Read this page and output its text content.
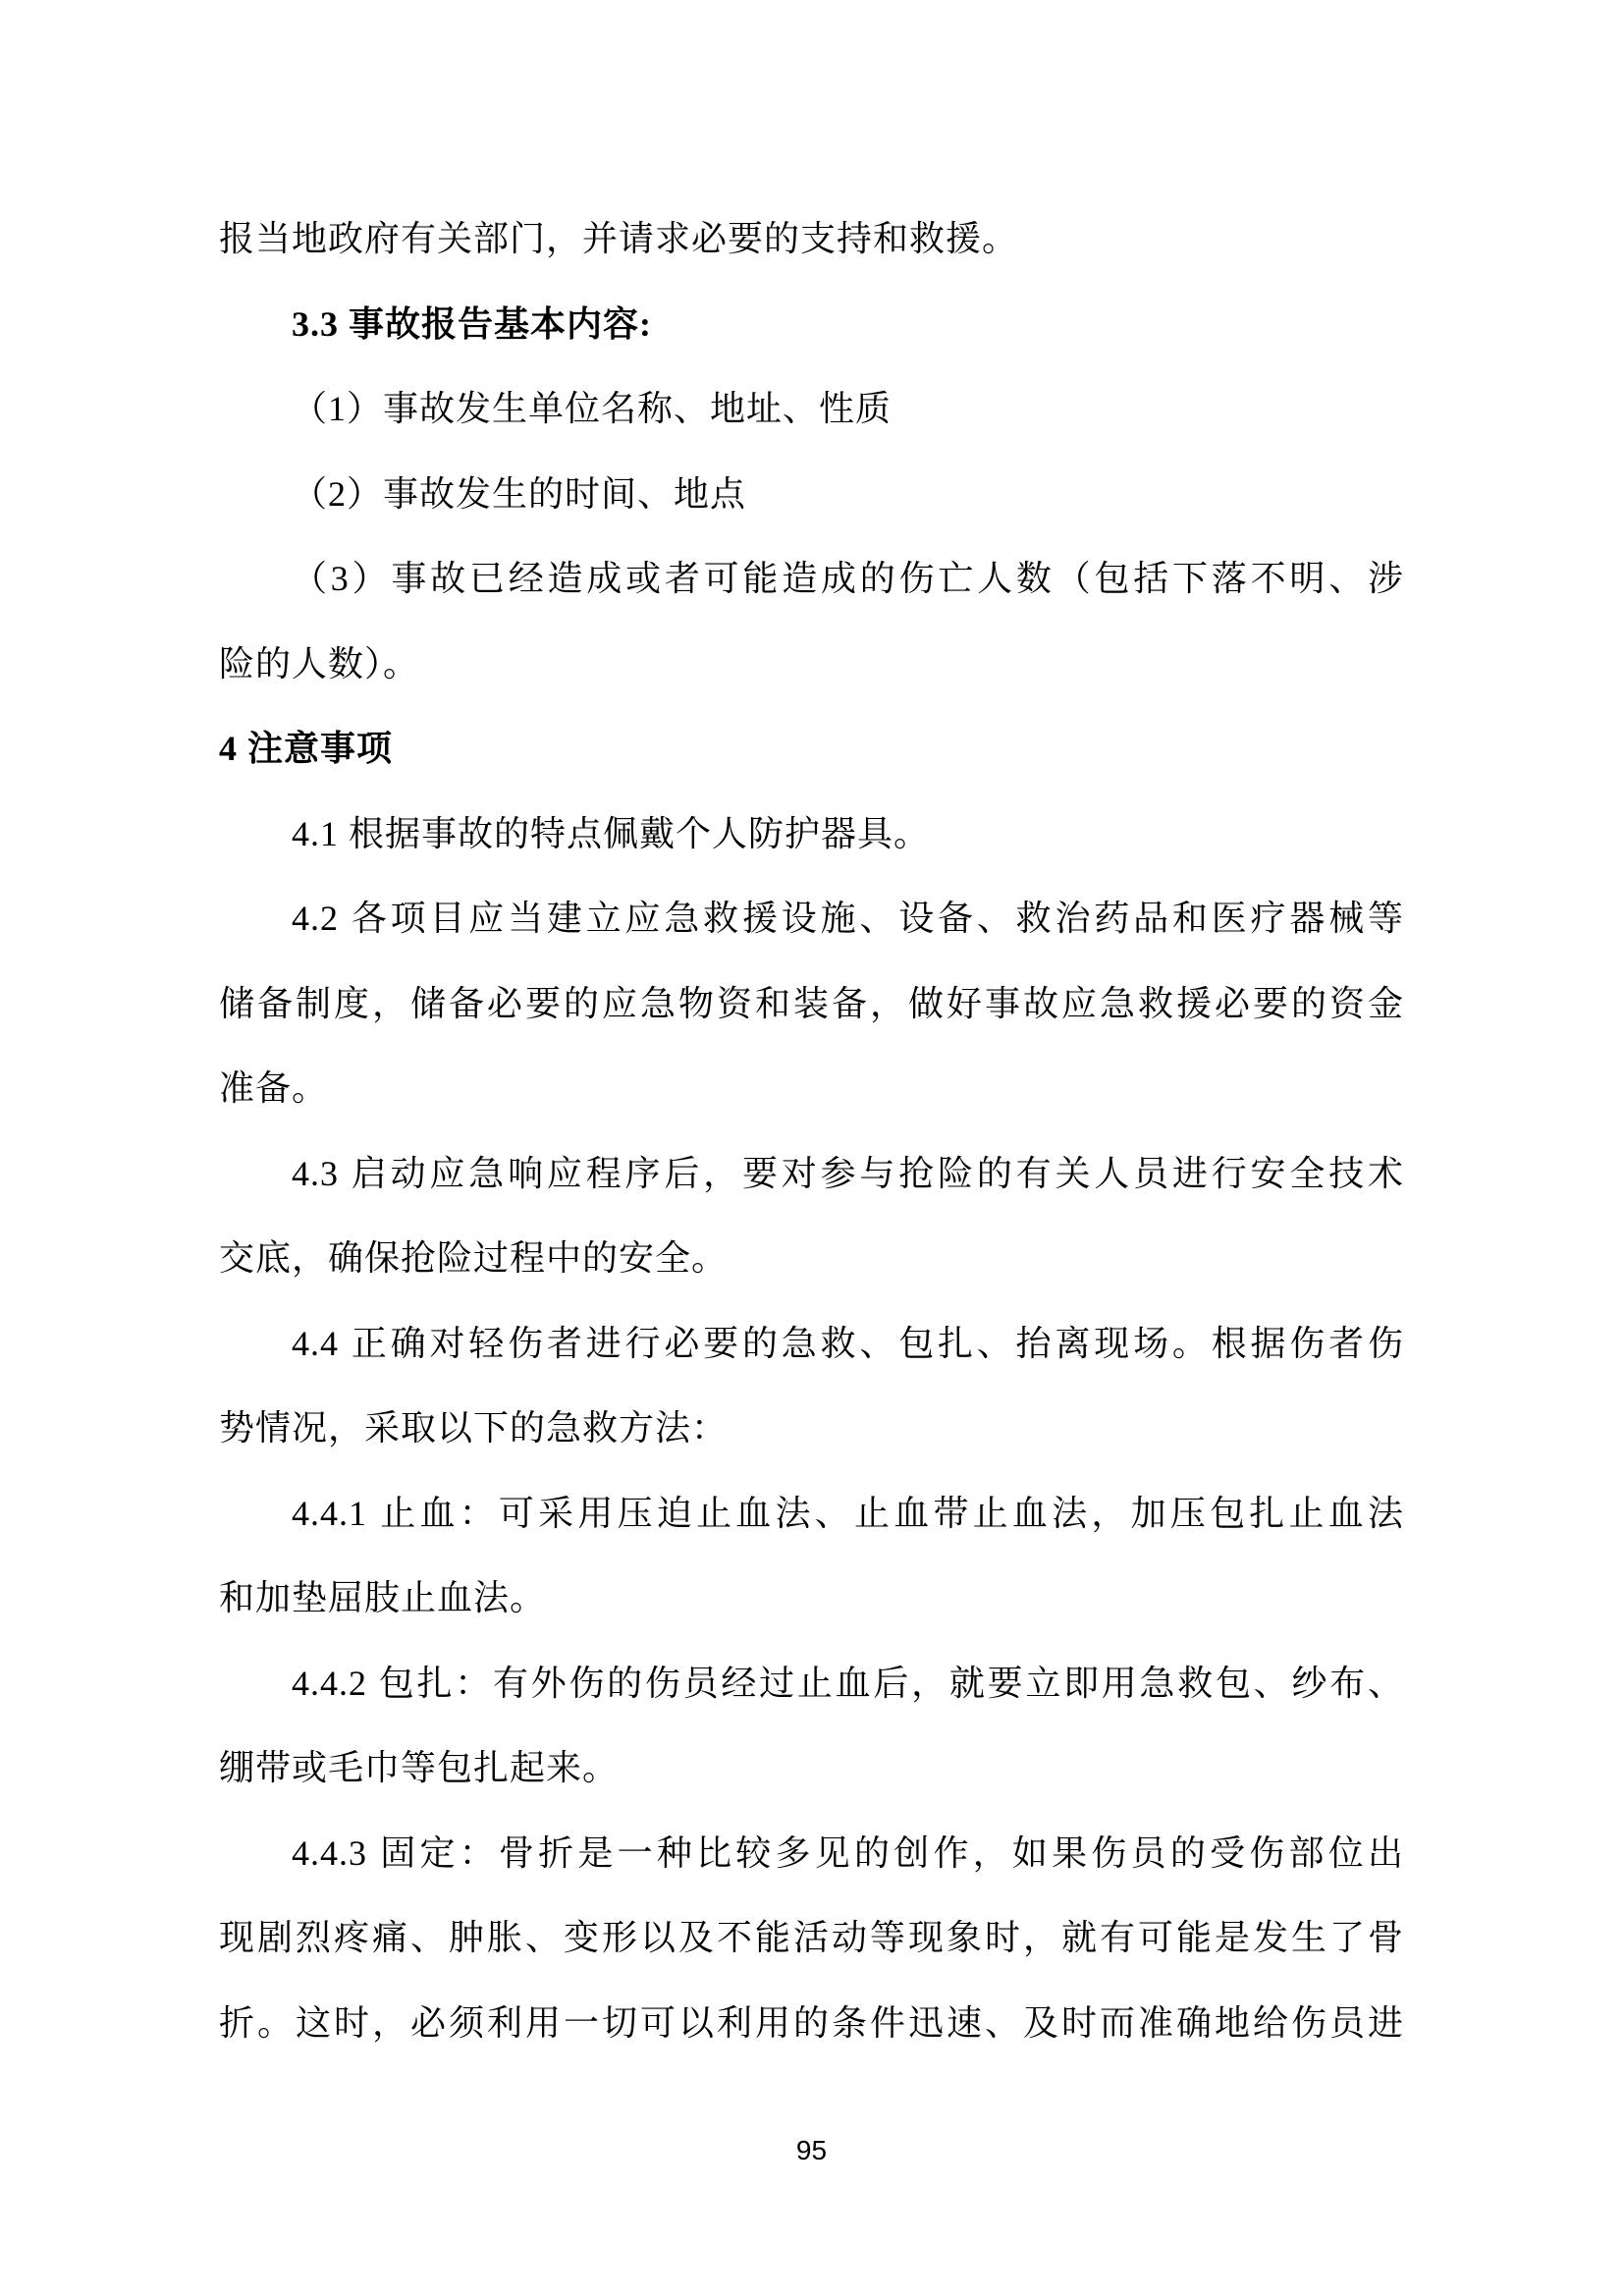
报当地政府有关部门，并请求必要的支持和救援。
3.3 事故报告基本内容:
（1）事故发生单位名称、地址、性质
（2）事故发生的时间、地点
（3）事故已经造成或者可能造成的伤亡人数（包括下落不明、涉
险的人数）。
4 注意事项
4.1 根据事故的特点佩戴个人防护器具。
4.2 各项目应当建立应急救援设施、设备、救治药品和医疗器械等
储备制度，储备必要的应急物资和装备，做好事故应急救援必要的资金
准备。
4.3 启动应急响应程序后，要对参与抢险的有关人员进行安全技术
交底，确保抢险过程中的安全。
4.4 正确对轻伤者进行必要的急救、包扎、抬离现场。根据伤者伤
势情况，采取以下的急救方法：
4.4.1 止血：可采用压迫止血法、止血带止血法，加压包扎止血法
和加垫屈肢止血法。
4.4.2 包扎：有外伤的伤员经过止血后，就要立即用急救包、纱布、
绷带或毛巾等包扎起来。
4.4.3 固定：骨折是一种比较多见的创作，如果伤员的受伤部位出
现剧烈疼痛、肿胀、变形以及不能活动等现象时，就有可能是发生了骨
折。这时，必须利用一切可以利用的条件迅速、及时而准确地给伤员进
95
